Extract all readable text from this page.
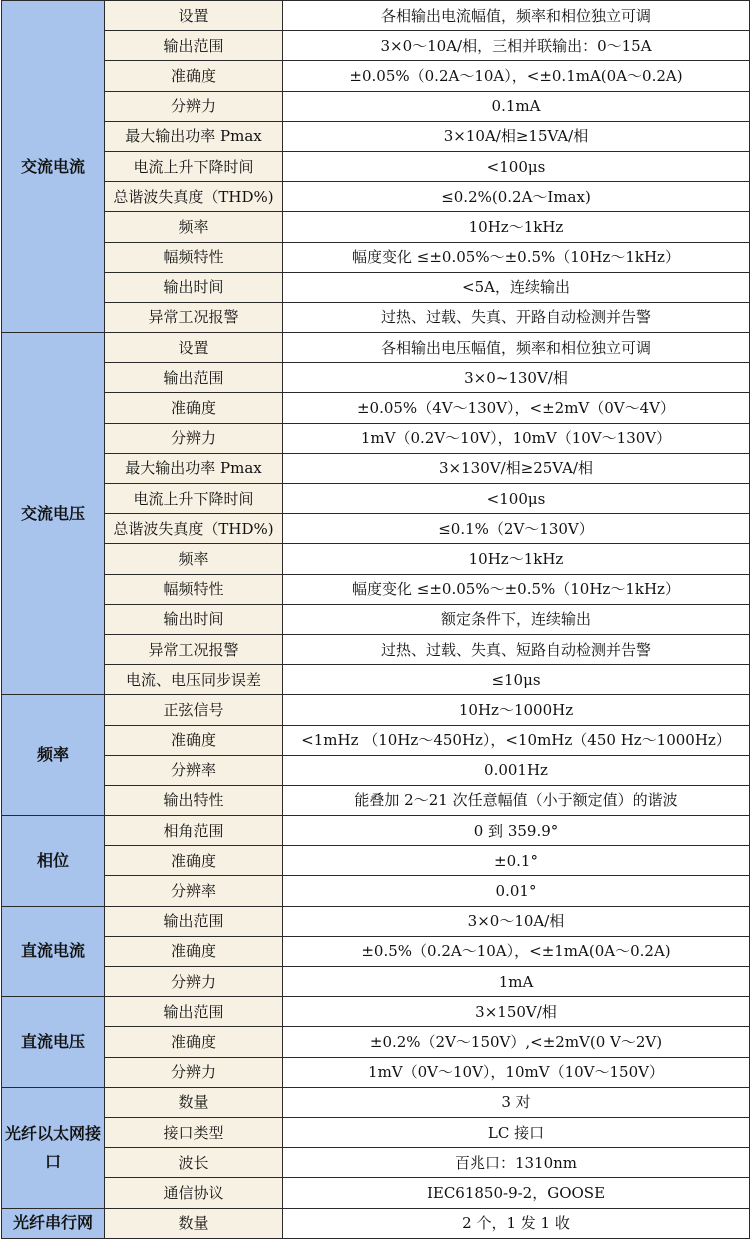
交流电流	设置	各相输出电流幅值，频率和相位独立可调
	输出范围	3×0～10A/相，三相并联输出：0～15A
	准确度	±0.05%（0.2A～10A），<±0.1mA(0A～0.2A)
	分辨力	0.1mA
	最大输出功率 Pmax	3×10A/相≥15VA/相
	电流上升下降时间	<100μs
	总谐波失真度（THD%)	≤0.2%(0.2A～Imax)
	频率	10Hz～1kHz
	幅频特性	幅度变化 ≤±0.05%～±0.5%（10Hz～1kHz）
	输出时间	<5A，连续输出
	异常工况报警	过热、过载、失真、开路自动检测并告警
交流电压	设置	各相输出电压幅值，频率和相位独立可调
	输出范围	3×0~130V/相
	准确度	±0.05%（4V～130V），<±2mV（0V～4V）
	分辨力	1mV（0.2V～10V），10mV（10V～130V）
	最大输出功率 Pmax	3×130V/相≥25VA/相
	电流上升下降时间	<100μs
	总谐波失真度（THD%)	≤0.1%（2V～130V）
	频率	10Hz～1kHz
	幅频特性	幅度变化 ≤±0.05%～±0.5%（10Hz～1kHz）
	输出时间	额定条件下，连续输出
	异常工况报警	过热、过载、失真、短路自动检测并告警
	电流、电压同步误差	≤10μs
频率	正弦信号	10Hz～1000Hz
	准确度	<1mHz （10Hz～450Hz），<10mHz（450 Hz～1000Hz）
	分辨率	0.001Hz
	输出特性	能叠加 2～21 次任意幅值（小于额定值）的谐波
相位	相角范围	0 到 359.9°
	准确度	±0.1°
	分辨率	0.01°
直流电流	输出范围	3×0～10A/相
	准确度	±0.5%（0.2A～10A），<±1mA(0A～0.2A)
	分辨力	1mA
直流电压	输出范围	3×150V/相
	准确度	±0.2%（2V～150V）,<±2mV(0 V～2V)
	分辨力	1mV（0V～10V），10mV（10V～150V）
光纤以太网接口	数量	3 对
	接口类型	LC 接口
	波长	百兆口：1310nm
	通信协议	IEC61850-9-2，GOOSE
光纤串行网	数量	2 个，1 发 1 收
